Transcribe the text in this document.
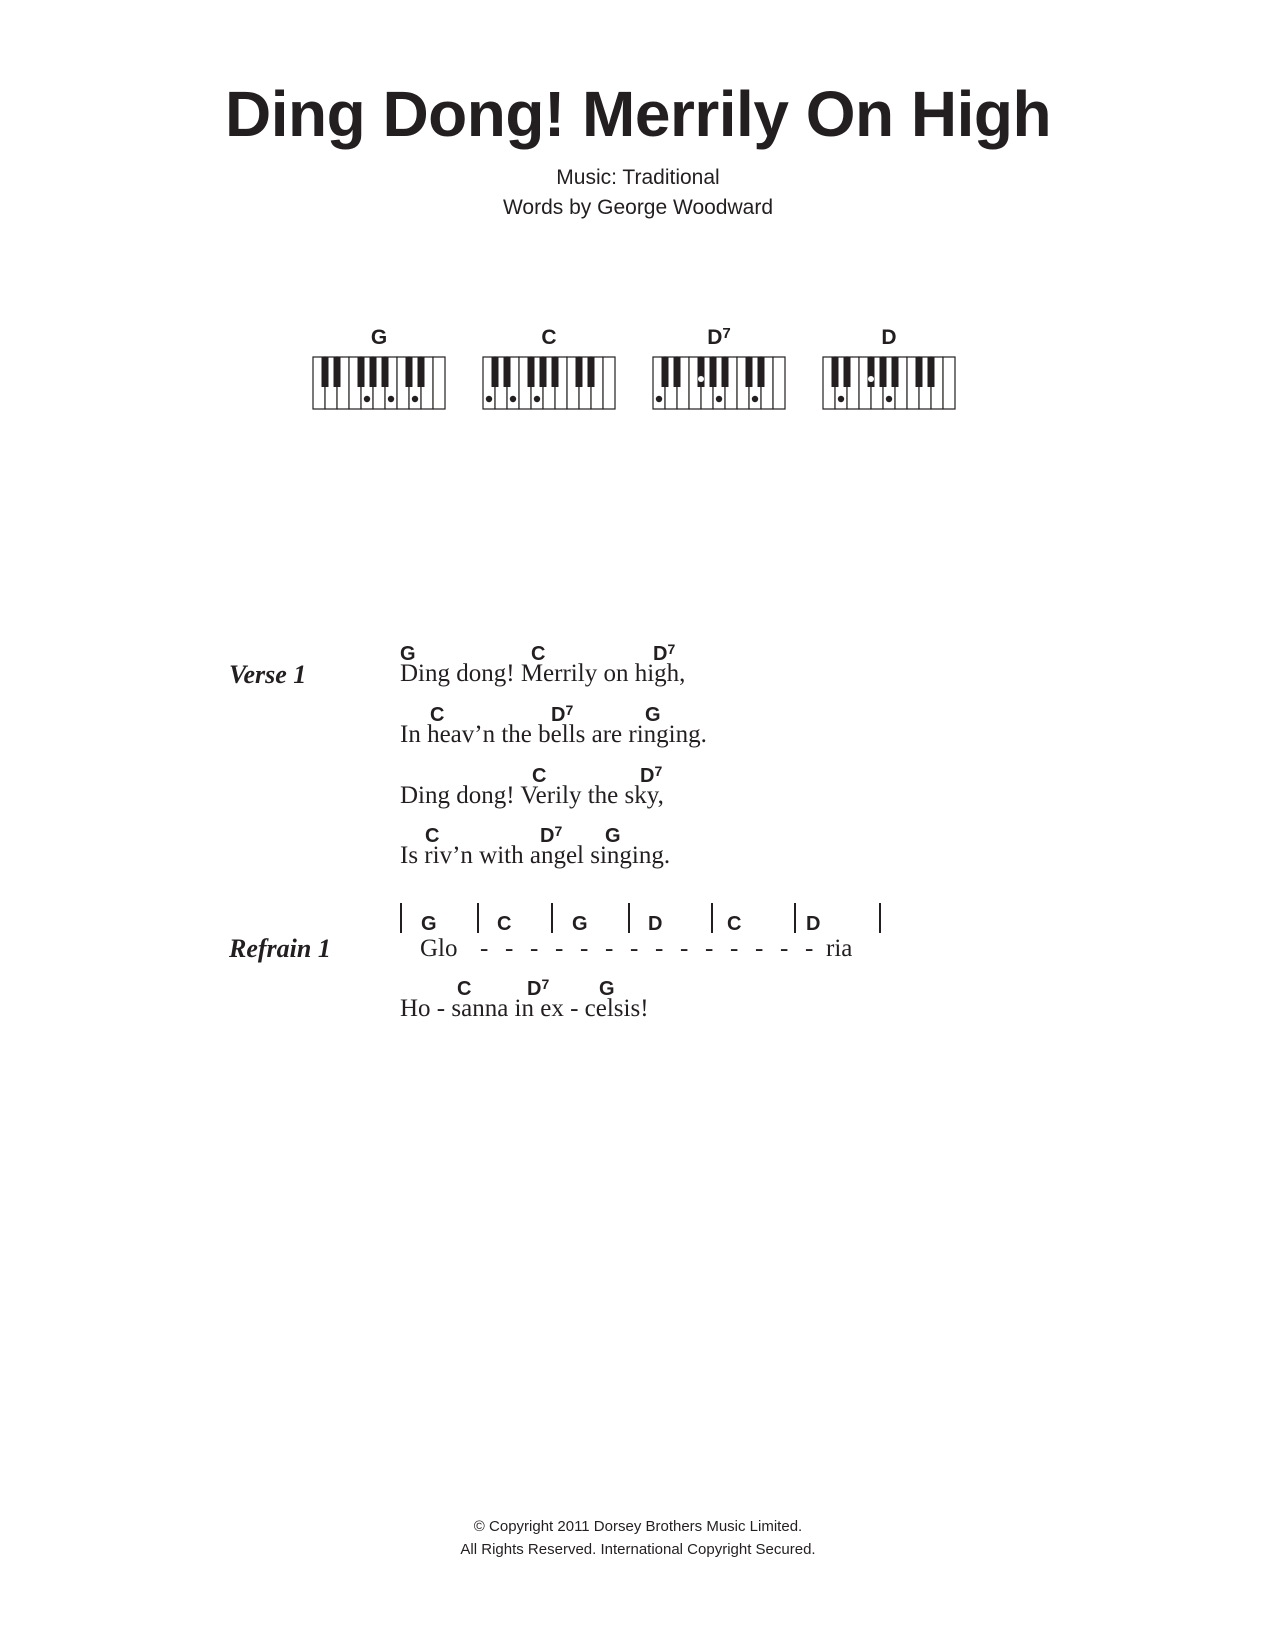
Ding Dong! Merrily On High
Music: Traditional
Words by George Woodward
G	C	$D^7$	D
Verse 1
G	C	$D^7$
Ding dong! Merrily on high,
C	$D^7$	G
In heav’n the bells are ringing.
C	$D^7$
Ding dong! Verily the sky,
C	$D^7$ G
Is riv’n with angel singing.
Refrain 1
G	C	G	D	C	D
Glo - - - - - - - - - - - - - - ria
C	$D^7$ G
Ho - sanna in ex - celsis!
© Copyright 2011 Dorsey Brothers Music Limited.
All Rights Reserved. International Copyright Secured.
